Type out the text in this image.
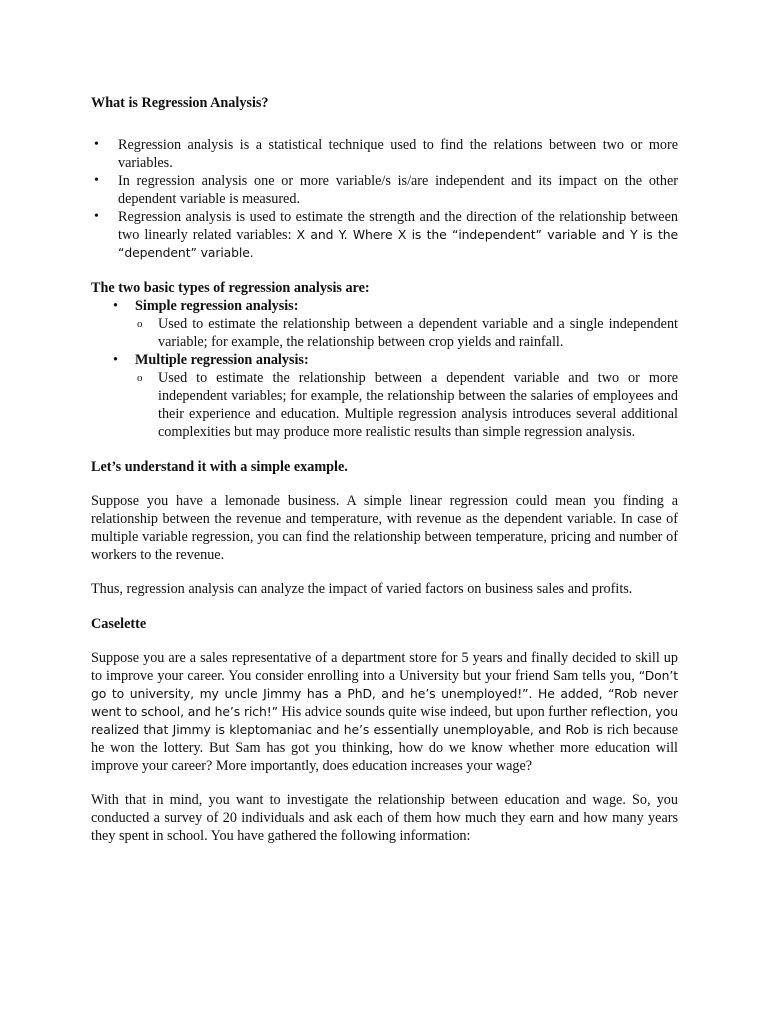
What is Regression Analysis?

• Regression analysis is a statistical technique used to find the relations between two or more variables.
• In regression analysis one or more variable/s is/are independent and its impact on the other dependent variable is measured.
• Regression analysis is used to estimate the strength and the direction of the relationship between two linearly related variables: X and Y. Where X is the “independent” variable and Y is the “dependent” variable.

The two basic types of regression analysis are:

• Simple regression analysis:
o Used to estimate the relationship between a dependent variable and a single independent variable; for example, the relationship between crop yields and rainfall.
• Multiple regression analysis:
o Used to estimate the relationship between a dependent variable and two or more independent variables; for example, the relationship between the salaries of employees and their experience and education. Multiple regression analysis introduces several additional complexities but may produce more realistic results than simple regression analysis.

Let’s understand it with a simple example.

Suppose you have a lemonade business. A simple linear regression could mean you finding a relationship between the revenue and temperature, with revenue as the dependent variable. In case of multiple variable regression, you can find the relationship between temperature, pricing and number of workers to the revenue.

Thus, regression analysis can analyze the impact of varied factors on business sales and profits.

Caselette

Suppose you are a sales representative of a department store for 5 years and finally decided to skill up to improve your career. You consider enrolling into a University but your friend Sam tells you, “Don’t go to university, my uncle Jimmy has a PhD, and he’s unemployed!”. He added, “Rob never went to school, and he’s rich!” His advice sounds quite wise indeed, but upon further reflection, you realized that Jimmy is kleptomaniac and he’s essentially unemployable, and Rob is rich because he won the lottery. But Sam has got you thinking, how do we know whether more education will improve your career? More importantly, does education increases your wage?

With that in mind, you want to investigate the relationship between education and wage. So, you conducted a survey of 20 individuals and ask each of them how much they earn and how many years they spent in school. You have gathered the following information:
